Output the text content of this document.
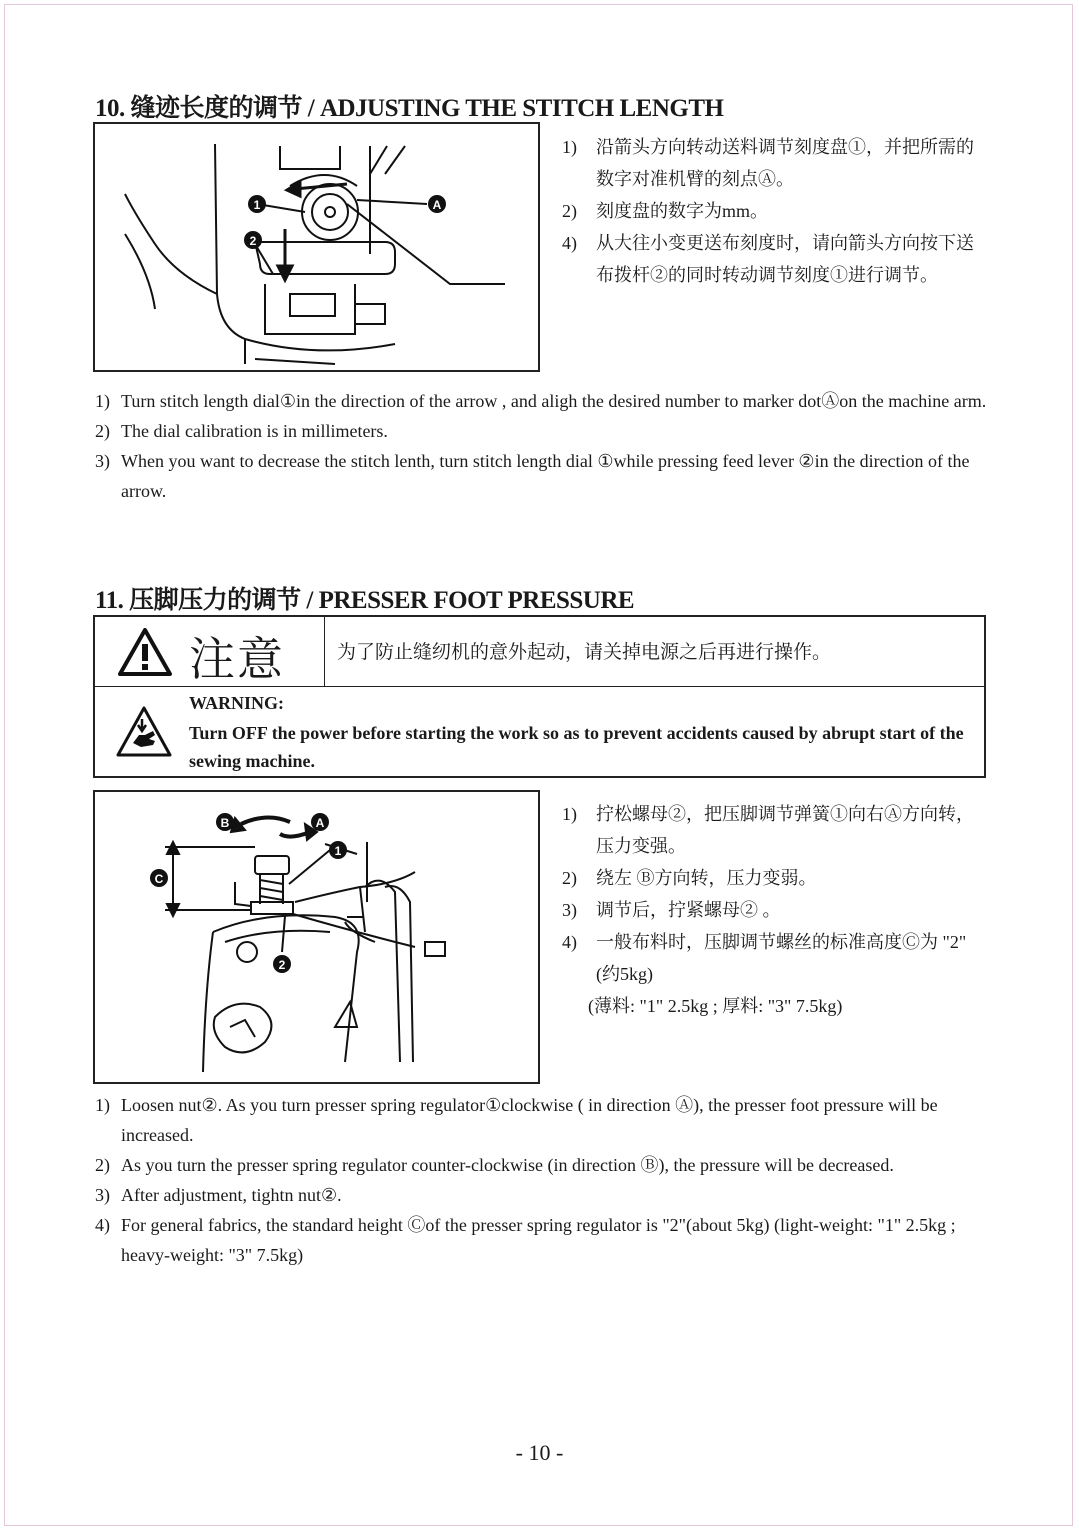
10. 缝迹长度的调节 / ADJUSTING THE STITCH LENGTH
1
2
A
1)	沿箭头方向转动送料调节刻度盘①，并把所需的数字对准机臂的刻点Ⓐ。
2)	刻度盘的数字为mm。
4)	从大往小变更送布刻度时，请向箭头方向按下送布拨杆②的同时转动调节刻度①进行调节。
1) Turn stitch length dial①in the direction of the arrow , and aligh the desired number to marker dotⒶon the machine arm.
2) The dial calibration is in millimeters.
3) When you want to decrease the stitch lenth, turn stitch length dial ①while pressing feed lever ②in the direction of the arrow.
11. 压脚压力的调节 / PRESSER FOOT PRESSURE
注意	为了防止缝纫机的意外起动，请关掉电源之后再进行操作。
WARNING:
Turn OFF the power before starting the work so as to prevent accidents caused by abrupt start of the sewing machine.
B	A
1
C
2
1)	拧松螺母②，把压脚调节弹簧①向右Ⓐ方向转，压力变强。
2)	绕左 Ⓑ方向转，压力变弱。
3)	调节后，拧紧螺母② 。
4)	一般布料时，压脚调节螺丝的标准高度Ⓒ为 "2" (约5kg)
(薄料: "1" 2.5kg ; 厚料: "3" 7.5kg)
1) Loosen nut②. As you turn presser spring regulator①clockwise ( in direction Ⓐ), the presser foot pressure will be increased.
2) As you turn the presser spring regulator counter-clockwise (in direction Ⓑ), the pressure will be decreased.
3) After adjustment, tightn nut②.
4) For general fabrics, the standard height Ⓒof the presser spring regulator is "2"(about 5kg) (light-weight: "1" 2.5kg ; heavy-weight: "3" 7.5kg)
- 10 -
